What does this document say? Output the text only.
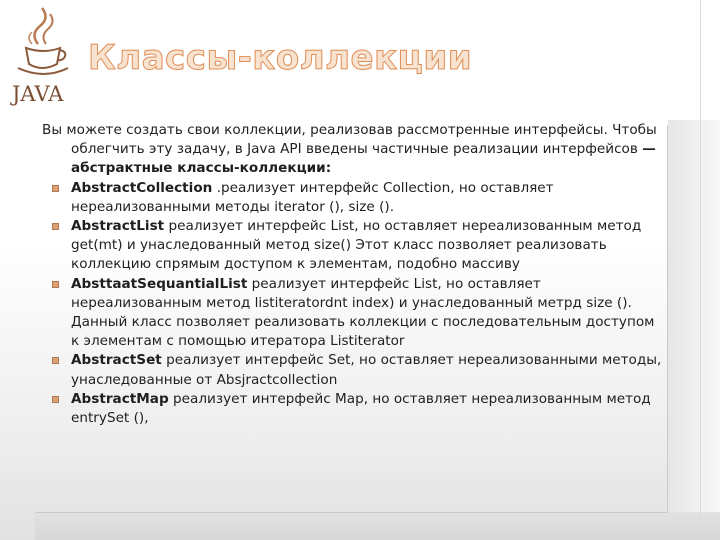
JAVA
Классы-коллекции

Вы можете создать свои коллекции, реализовав рассмотренные интерфейсы. Чтобы облегчить эту задачу, в Java API введены частичные реализации интерфейсов — абстрактные классы-коллекции:

AbstractCollection .реализует интерфейс Collection, но оставляет нереализованными методы iterator (), size ().
AbstractList реализует интерфейс List, но оставляет нереализованным метод get(mt) и унаследованный метод size() Этот класс позволяет реализовать коллекцию спрямым доступом к элементам, подобно массиву
AbsttaatSequantialList реализует интерфейс List, но оставляет нереализованным метод listiteratordnt index) и унаследованный метрд size (). Данный класс позволяет реализовать коллекции с последовательным доступом к элементам с помощью итератора Listiterator
AbstractSet реализует интерфейс Set, но оставляет нереализованными методы, унаследованные от Absjractcollection
AbstractMap реализует интерфейс Map, но оставляет нереализованным метод entrySet (),
